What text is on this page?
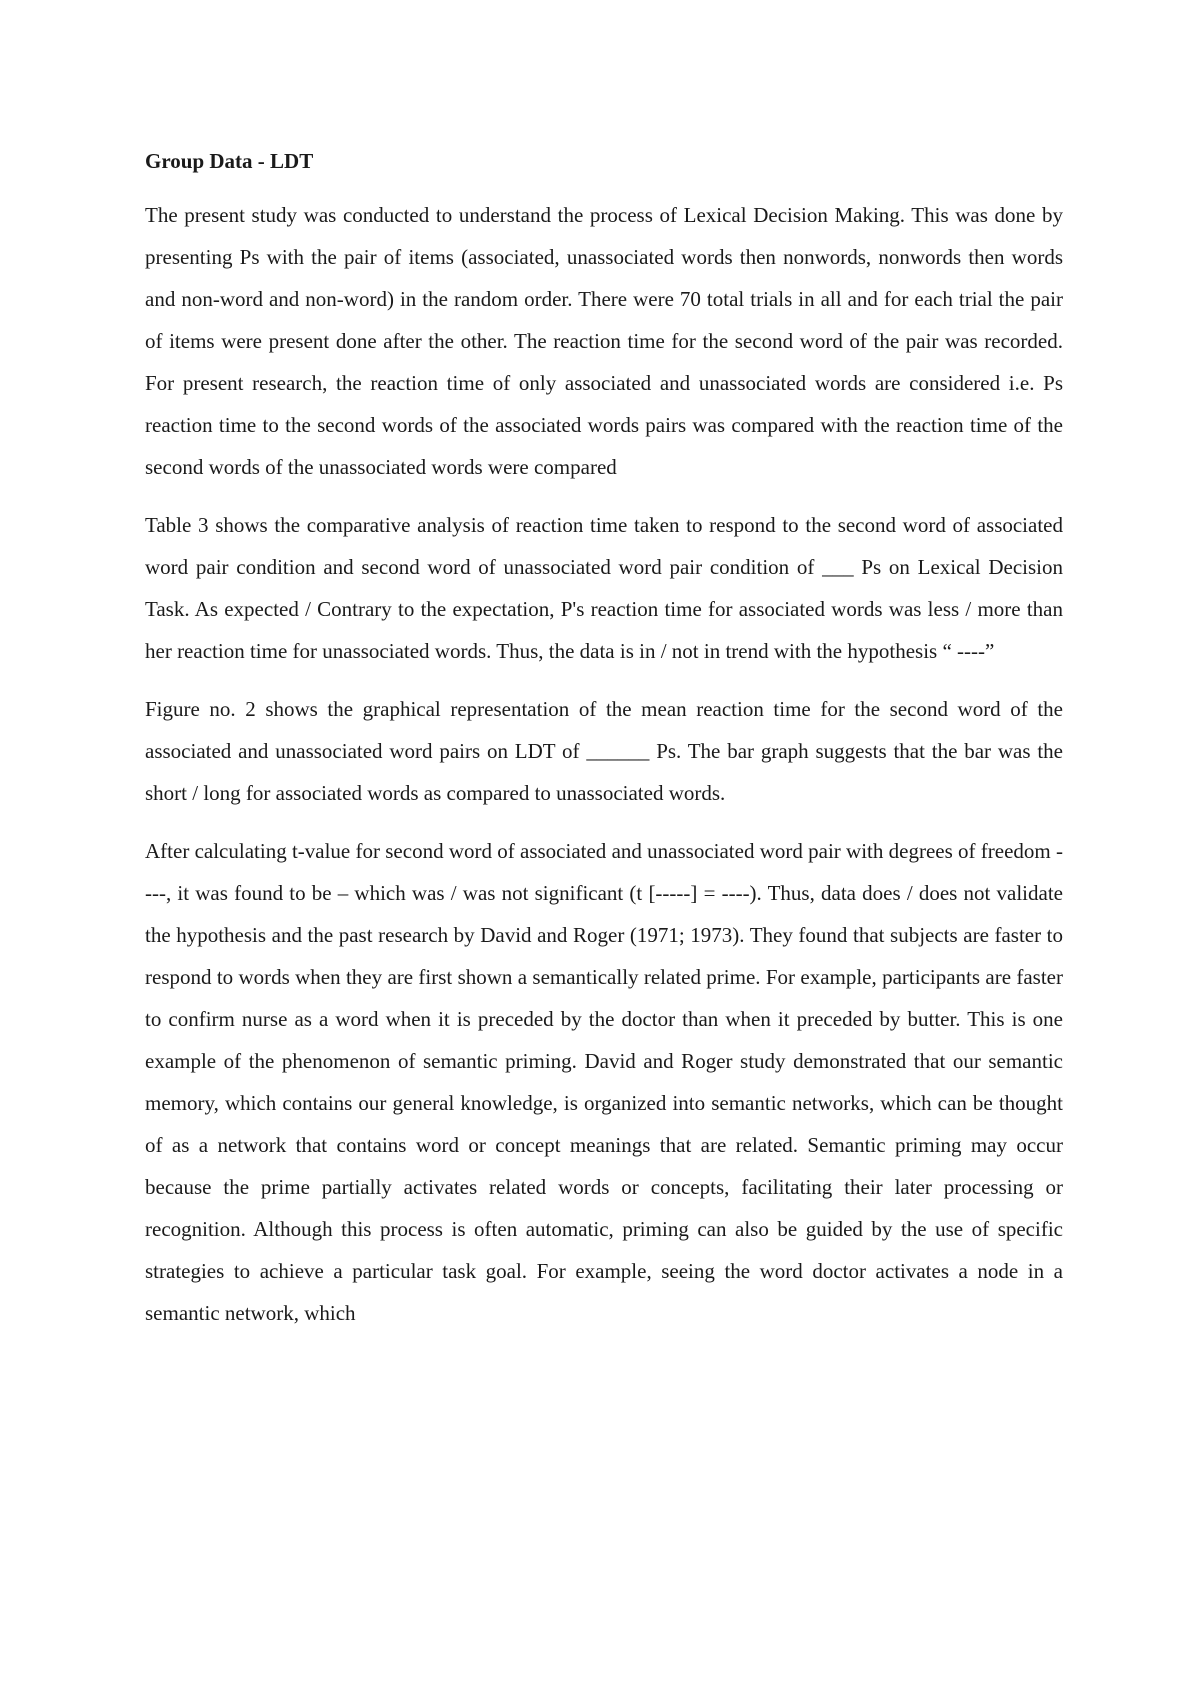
Group Data - LDT

The present study was conducted to understand the process of Lexical Decision Making. This was done by presenting Ps with the pair of items (associated, unassociated words then nonwords, nonwords then words and non-word and non-word) in the random order. There were 70 total trials in all and for each trial the pair of items were present done after the other. The reaction time for the second word of the pair was recorded. For present research, the reaction time of only associated and unassociated words are considered i.e. Ps reaction time to the second words of the associated words pairs was compared with the reaction time of the second words of the unassociated words were compared

Table 3 shows the comparative analysis of reaction time taken to respond to the second word of associated word pair condition and second word of unassociated word pair condition of ___ Ps on Lexical Decision Task. As expected / Contrary to the expectation, P's reaction time for associated words was less / more than her reaction time for unassociated words. Thus, the data is in / not in trend with the hypothesis “ ----”

Figure no. 2 shows the graphical representation of the mean reaction time for the second word of the associated and unassociated word pairs on LDT of ______ Ps. The bar graph suggests that the bar was the short / long for associated words as compared to unassociated words.

After calculating t-value for second word of associated and unassociated word pair with degrees of freedom ----, it was found to be – which was / was not significant (t [-----] = ----). Thus, data does / does not validate the hypothesis and the past research by David and Roger (1971; 1973). They found that subjects are faster to respond to words when they are first shown a semantically related prime. For example, participants are faster to confirm nurse as a word when it is preceded by the doctor than when it preceded by butter. This is one example of the phenomenon of semantic priming. David and Roger study demonstrated that our semantic memory, which contains our general knowledge, is organized into semantic networks, which can be thought of as a network that contains word or concept meanings that are related. Semantic priming may occur because the prime partially activates related words or concepts, facilitating their later processing or recognition. Although this process is often automatic, priming can also be guided by the use of specific strategies to achieve a particular task goal. For example, seeing the word doctor activates a node in a semantic network, which
